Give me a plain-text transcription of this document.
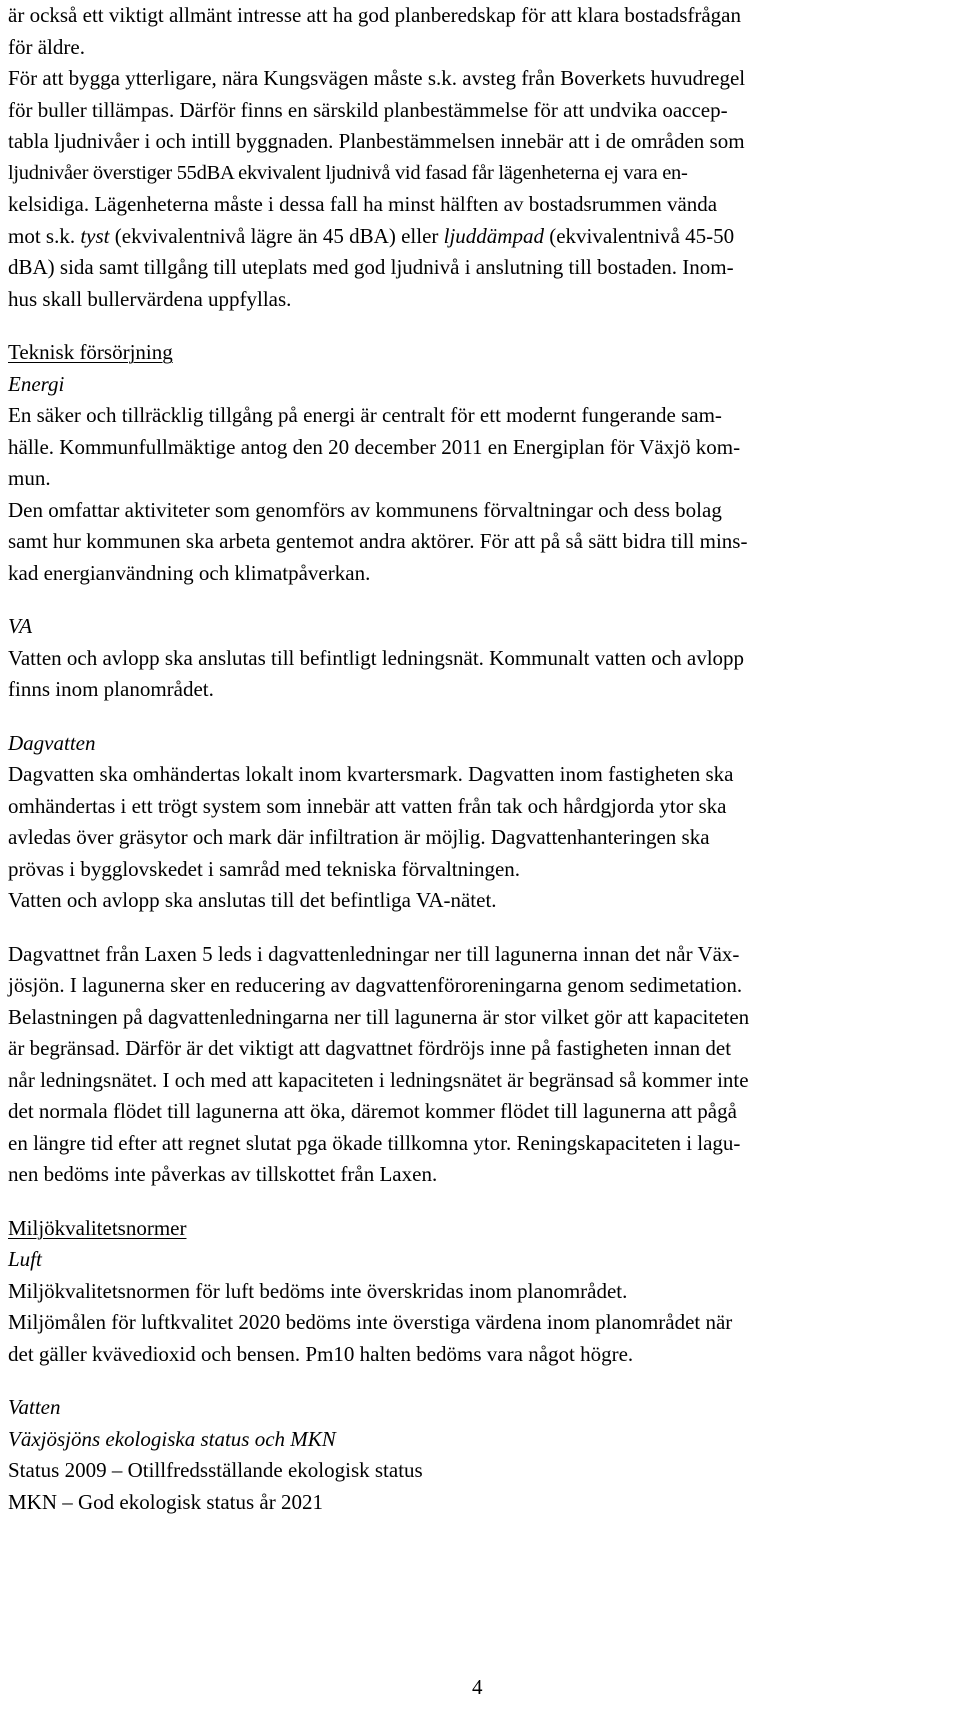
är också ett viktigt allmänt intresse att ha god planberedskap för att klara bostadsfrågan

för äldre.

För att bygga ytterligare, nära Kungsvägen måste s.k. avsteg från Boverkets huvudregel

för buller tillämpas. Därför finns en särskild planbestämmelse för att undvika oaccep-

tabla ljudnivåer i och intill byggnaden. Planbestämmelsen innebär att i de områden som

ljudnivåer överstiger 55dBA ekvivalent ljudnivå vid fasad får lägenheterna ej vara en-

kelsidiga. Lägenheterna måste i dessa fall ha minst hälften av bostadsrummen vända

mot s.k. tyst (ekvivalentnivå lägre än 45 dBA) eller ljuddämpad (ekvivalentnivå 45-50

dBA) sida samt tillgång till uteplats med god ljudnivå i anslutning till bostaden. Inom-

hus skall bullervärdena uppfyllas.

Teknisk försörjning

Energi

En säker och tillräcklig tillgång på energi är centralt för ett modernt fungerande sam-

hälle. Kommunfullmäktige antog den 20 december 2011 en Energiplan för Växjö kom-

mun.

Den omfattar aktiviteter som genomförs av kommunens förvaltningar och dess bolag

samt hur kommunen ska arbeta gentemot andra aktörer. För att på så sätt bidra till mins-

kad energianvändning och klimatpåverkan.

VA

Vatten och avlopp ska anslutas till befintligt ledningsnät. Kommunalt vatten och avlopp

finns inom planområdet.

Dagvatten

Dagvatten ska omhändertas lokalt inom kvartersmark. Dagvatten inom fastigheten ska

omhändertas i ett trögt system som innebär att vatten från tak och hårdgjorda ytor ska

avledas över gräsytor och mark där infiltration är möjlig. Dagvattenhanteringen ska

prövas i bygglovskedet i samråd med tekniska förvaltningen.

Vatten och avlopp ska anslutas till det befintliga VA-nätet.

Dagvattnet från Laxen 5 leds i dagvattenledningar ner till lagunerna innan det når Väx-

jösjön. I lagunerna sker en reducering av dagvattenföroreningarna genom sedimetation.

Belastningen på dagvattenledningarna ner till lagunerna är stor vilket gör att kapaciteten

är begränsad. Därför är det viktigt att dagvattnet fördröjs inne på fastigheten innan det

når ledningsnätet. I och med att kapaciteten i ledningsnätet är begränsad så kommer inte

det normala flödet till lagunerna att öka, däremot kommer flödet till lagunerna att pågå

en längre tid efter att regnet slutat pga ökade tillkomna ytor. Reningskapaciteten i lagu-

nen bedöms inte påverkas av tillskottet från Laxen.

Miljökvalitetsnormer

Luft

Miljökvalitetsnormen för luft bedöms inte överskridas inom planområdet.

Miljömålen för luftkvalitet 2020 bedöms inte överstiga värdena inom planområdet när

det gäller kvävedioxid och bensen. Pm10 halten bedöms vara något högre.

Vatten

Växjösjöns ekologiska status och MKN

Status 2009 – Otillfredsställande ekologisk status

MKN – God ekologisk status år 2021

4
